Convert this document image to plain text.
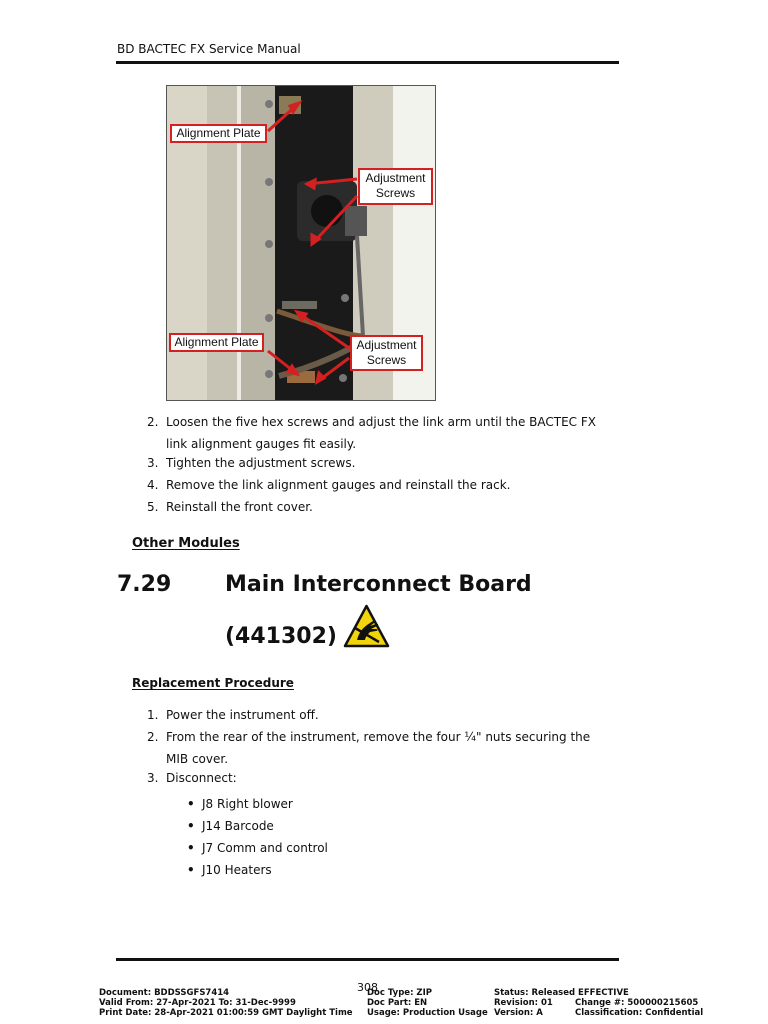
BD BACTEC FX Service Manual
Alignment Plate
Adjustment
Screws
Alignment Plate	Adjustment
Screws
2. Loosen the five hex screws and adjust the link arm until the BACTEC FX link alignment gauges fit easily.
3. Tighten the adjustment screws.
4. Remove the link alignment gauges and reinstall the rack.
5. Reinstall the front cover.
Other Modules
7.29 Main Interconnect Board
(441302)
Replacement Procedure
1. Power the instrument off.
2. From the rear of the instrument, remove the four ¼" nuts securing the MIB cover.
3. Disconnect:
• J8 Right blower
• J14 Barcode
• J7 Comm and control
• J10 Heaters
308
Document: BDDSSGFS7414
Valid From: 27-Apr-2021 To: 31-Dec-9999
Print Date: 28-Apr-2021 01:00:59 GMT Daylight Time
Doc Type: ZIP
Doc Part: EN
Usage: Production Usage
Status: Released EFFECTIVE
Revision: 01
Version: A
Change #: 500000215605
Classification: Confidential
